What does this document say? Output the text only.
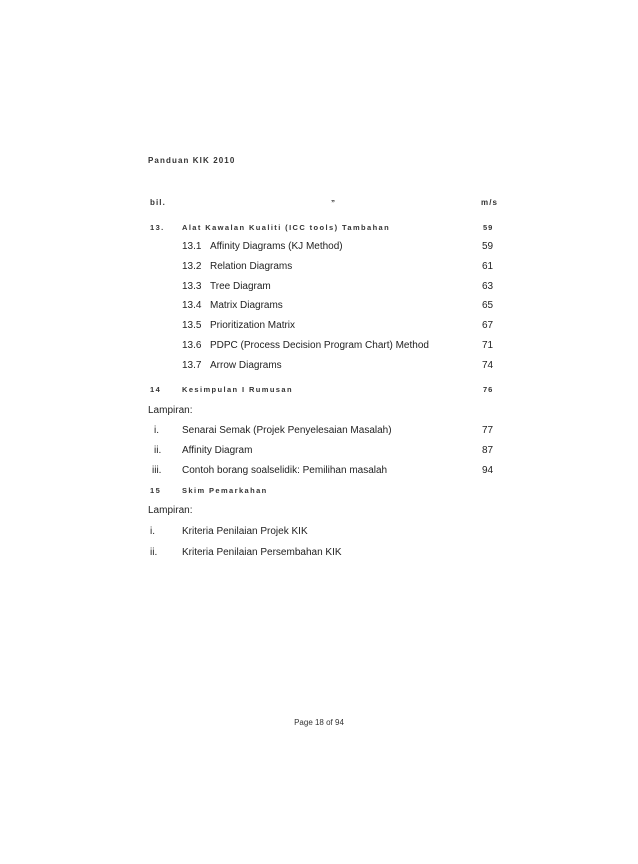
Panduan KIK 2010
bil.	„	m/s
13. Alat Kawalan Kualiti (ICC tools) Tambahan	59
13.1 Affinity Diagrams (KJ Method)	59
13.2 Relation Diagrams	61
13.3 Tree Diagram	63
13.4 Matrix Diagrams	65
13.5 Prioritization Matrix	67
13.6 PDPC (Process Decision Program Chart) Method	71
13.7 Arrow Diagrams	74
14	Kesimpulan I Rumusan	76
Lampiran:
i. Senarai Semak (Projek Penyelesaian Masalah)	77
ii. Affinity Diagram	87
iii. Contoh borang soalselidik: Pemilihan masalah	94
15	Skim Pemarkahan
Lampiran:
i.	Kriteria Penilaian Projek KIK
ii. Kriteria Penilaian Persembahan KIK
Page 18 of 94
